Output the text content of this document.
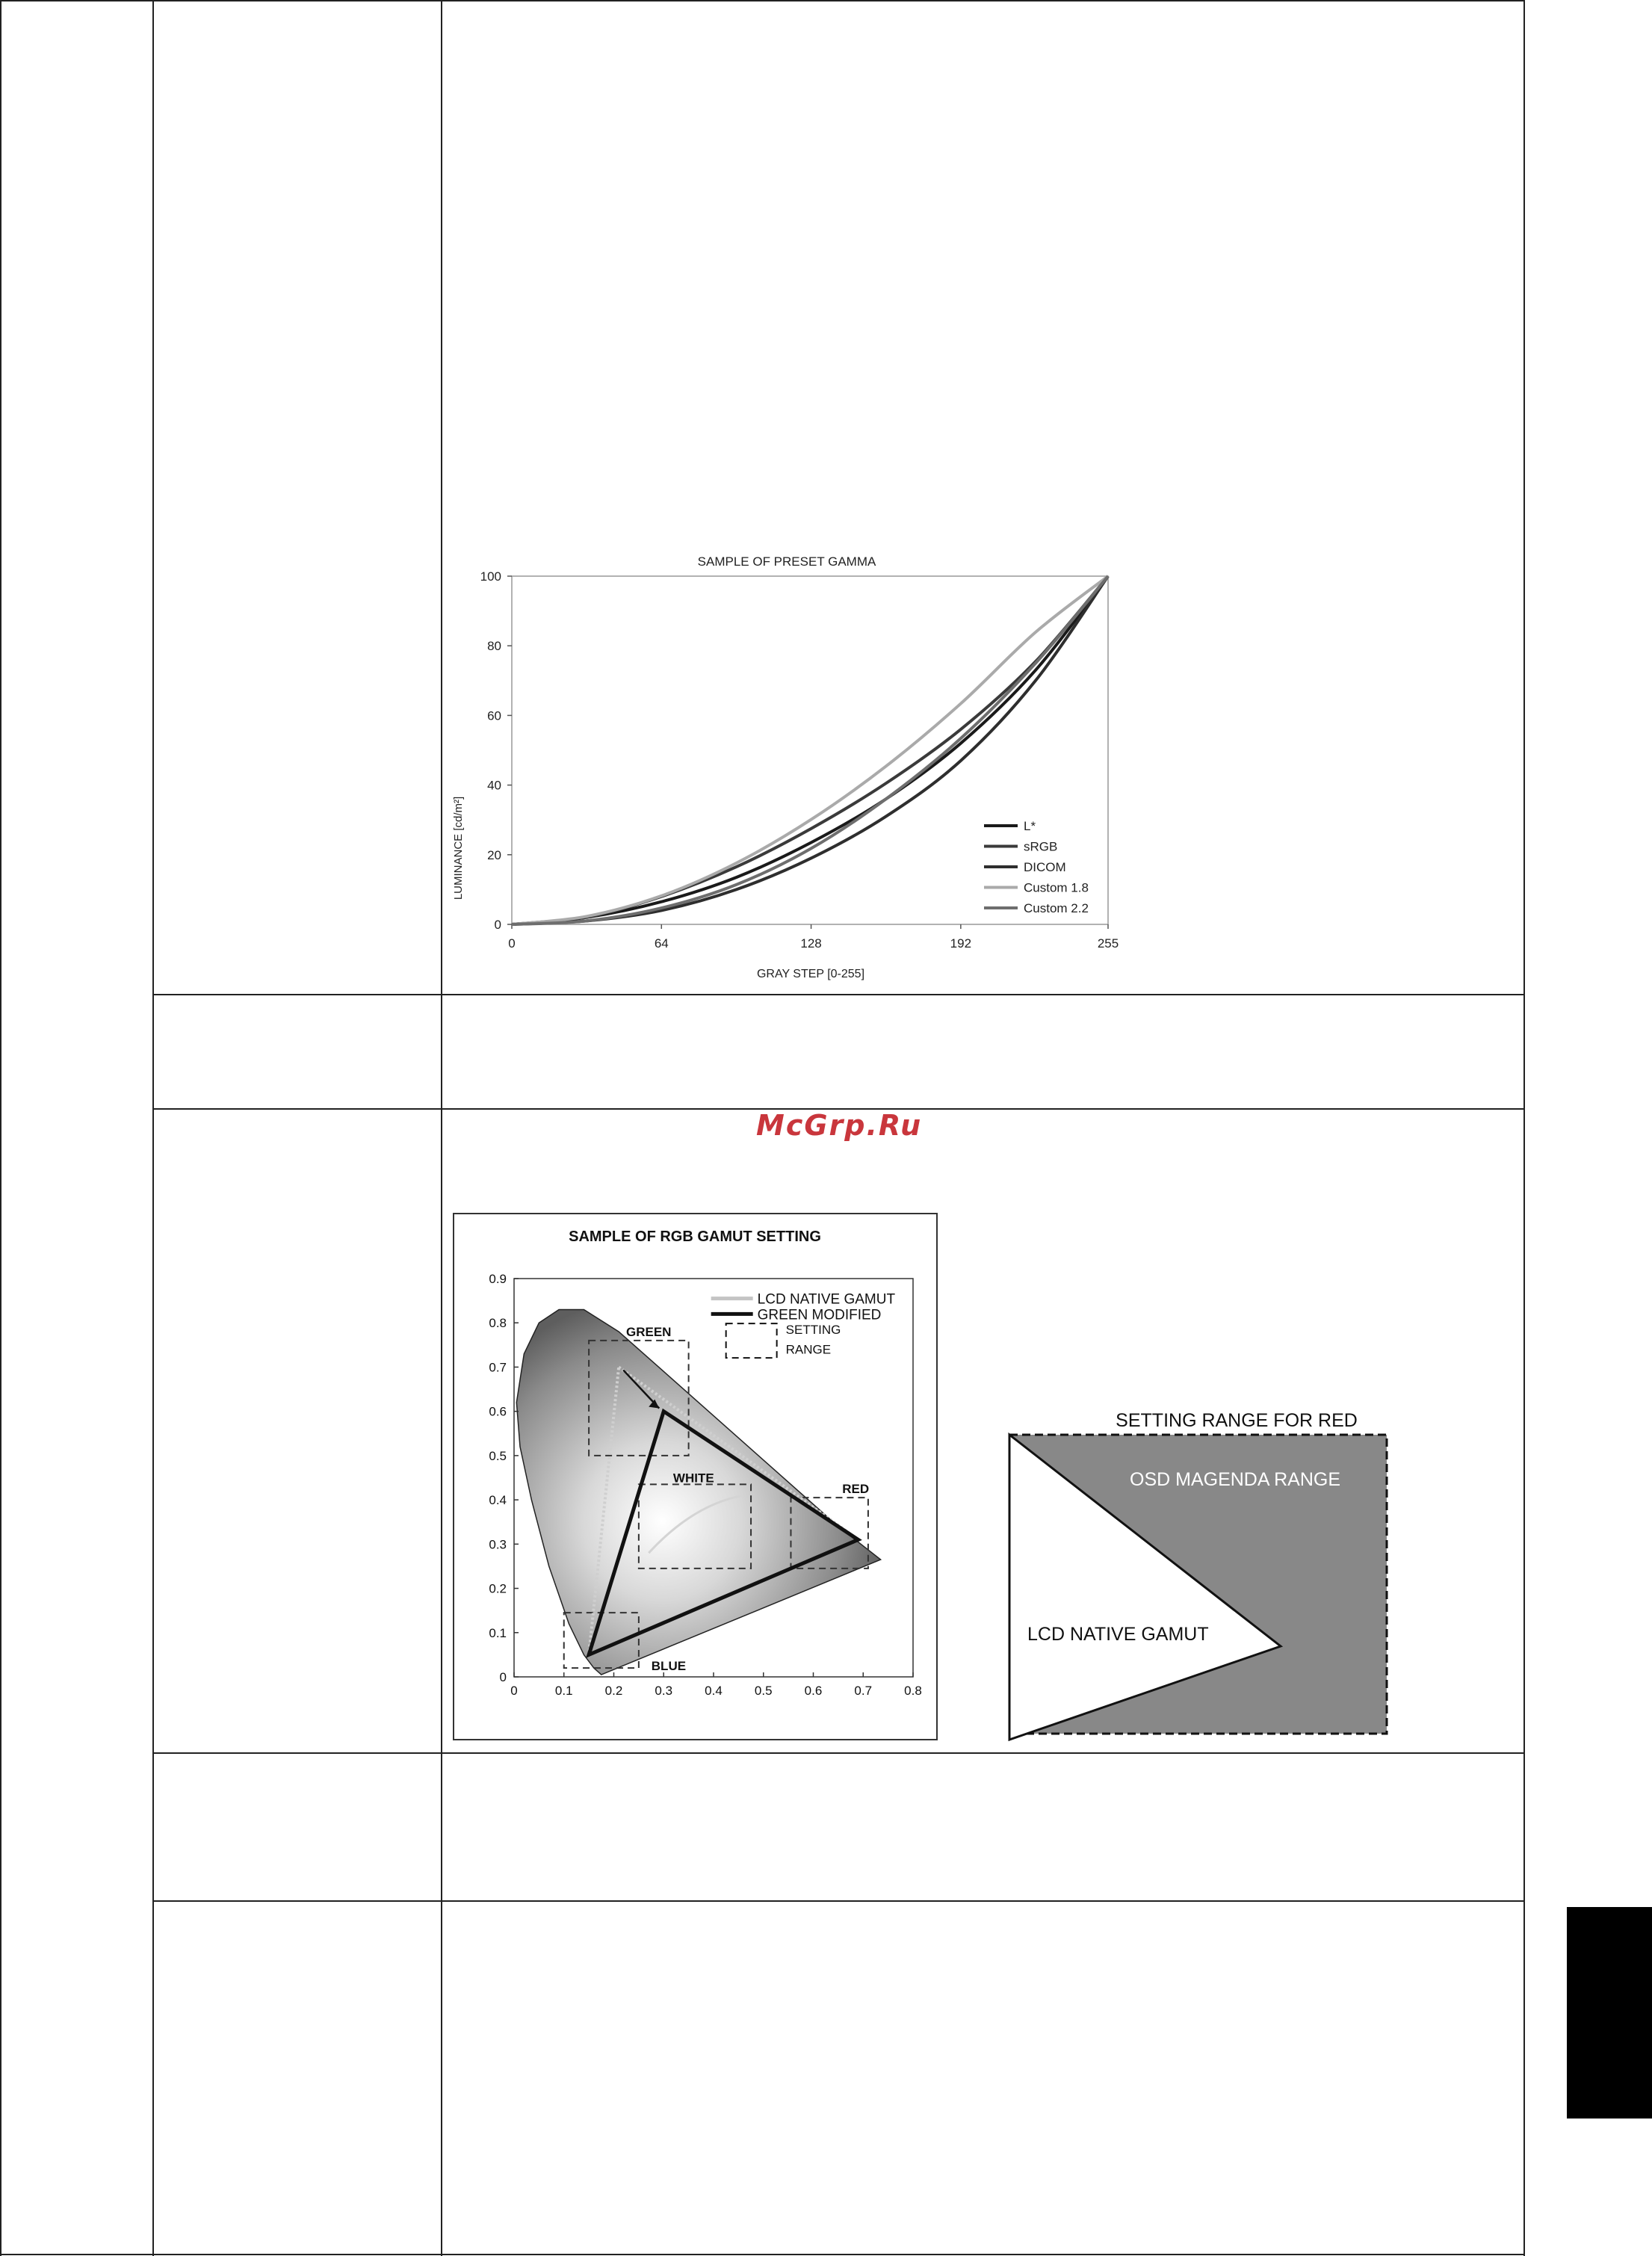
McGrp.Ru
SAMPLE OF PRESET GAMMA
0
20
40
60
80
100
0	64	128	192	255
L*
sRGB
DICOM
Custom 1.8
Custom 2.2
GRAY STEP [0-255]
LUMINANCE [cd/m²]
SAMPLE OF RGB GAMUT SETTING
0
0.1
0.2
0.3
0.4
0.5
0.6
0.7
0.8
0.9
0	0.1	0.2	0.3	0.4	0.5	0.6	0.7	0.8
GREEN
WHITE
RED
BLUE
LCD NATIVE GAMUT
GREEN MODIFIED
SETTING
RANGE
SETTING RANGE FOR RED
OSD MAGENDA RANGE
LCD NATIVE GAMUT
